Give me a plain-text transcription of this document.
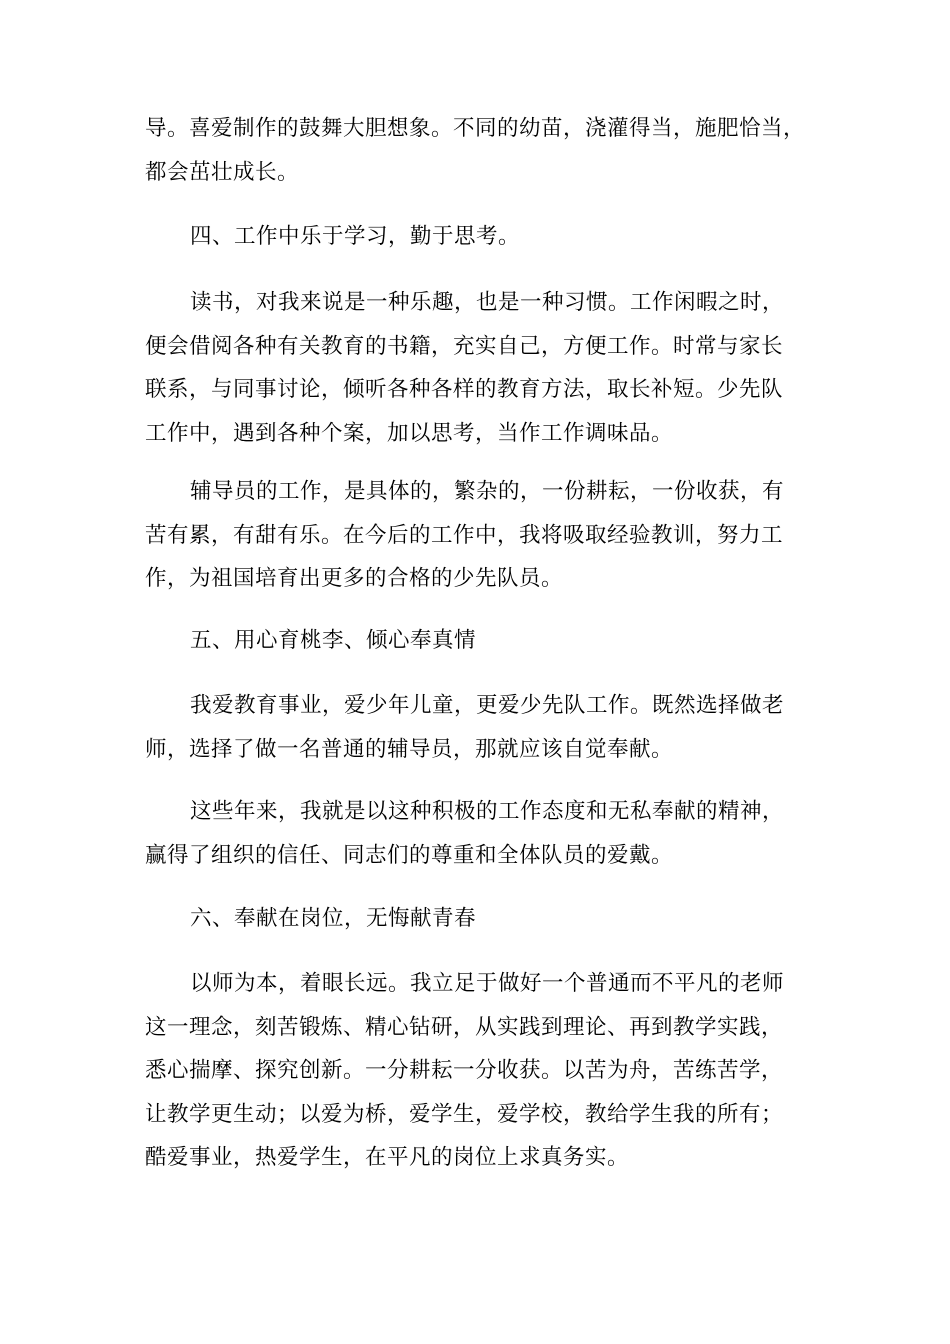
导。喜爱制作的鼓舞大胆想象。不同的幼苗，浇灌得当，施肥恰当，
都会茁壮成长。
四、工作中乐于学习，勤于思考。
读书，对我来说是一种乐趣，也是一种习惯。工作闲暇之时，
便会借阅各种有关教育的书籍，充实自己，方便工作。时常与家长
联系，与同事讨论，倾听各种各样的教育方法，取长补短。少先队
工作中，遇到各种个案，加以思考，当作工作调味品。
辅导员的工作，是具体的，繁杂的，一份耕耘，一份收获，有
苦有累，有甜有乐。在今后的工作中，我将吸取经验教训，努力工
作，为祖国培育出更多的合格的少先队员。
五、用心育桃李、倾心奉真情
我爱教育事业，爱少年儿童，更爱少先队工作。既然选择做老
师，选择了做一名普通的辅导员，那就应该自觉奉献。
这些年来，我就是以这种积极的工作态度和无私奉献的精神，
赢得了组织的信任、同志们的尊重和全体队员的爱戴。
六、奉献在岗位，无悔献青春
以师为本，着眼长远。我立足于做好一个普通而不平凡的老师
这一理念，刻苦锻炼、精心钻研，从实践到理论、再到教学实践，
悉心揣摩、探究创新。一分耕耘一分收获。以苦为舟，苦练苦学，
让教学更生动；以爱为桥，爱学生，爱学校，教给学生我的所有；
酷爱事业，热爱学生，在平凡的岗位上求真务实。
